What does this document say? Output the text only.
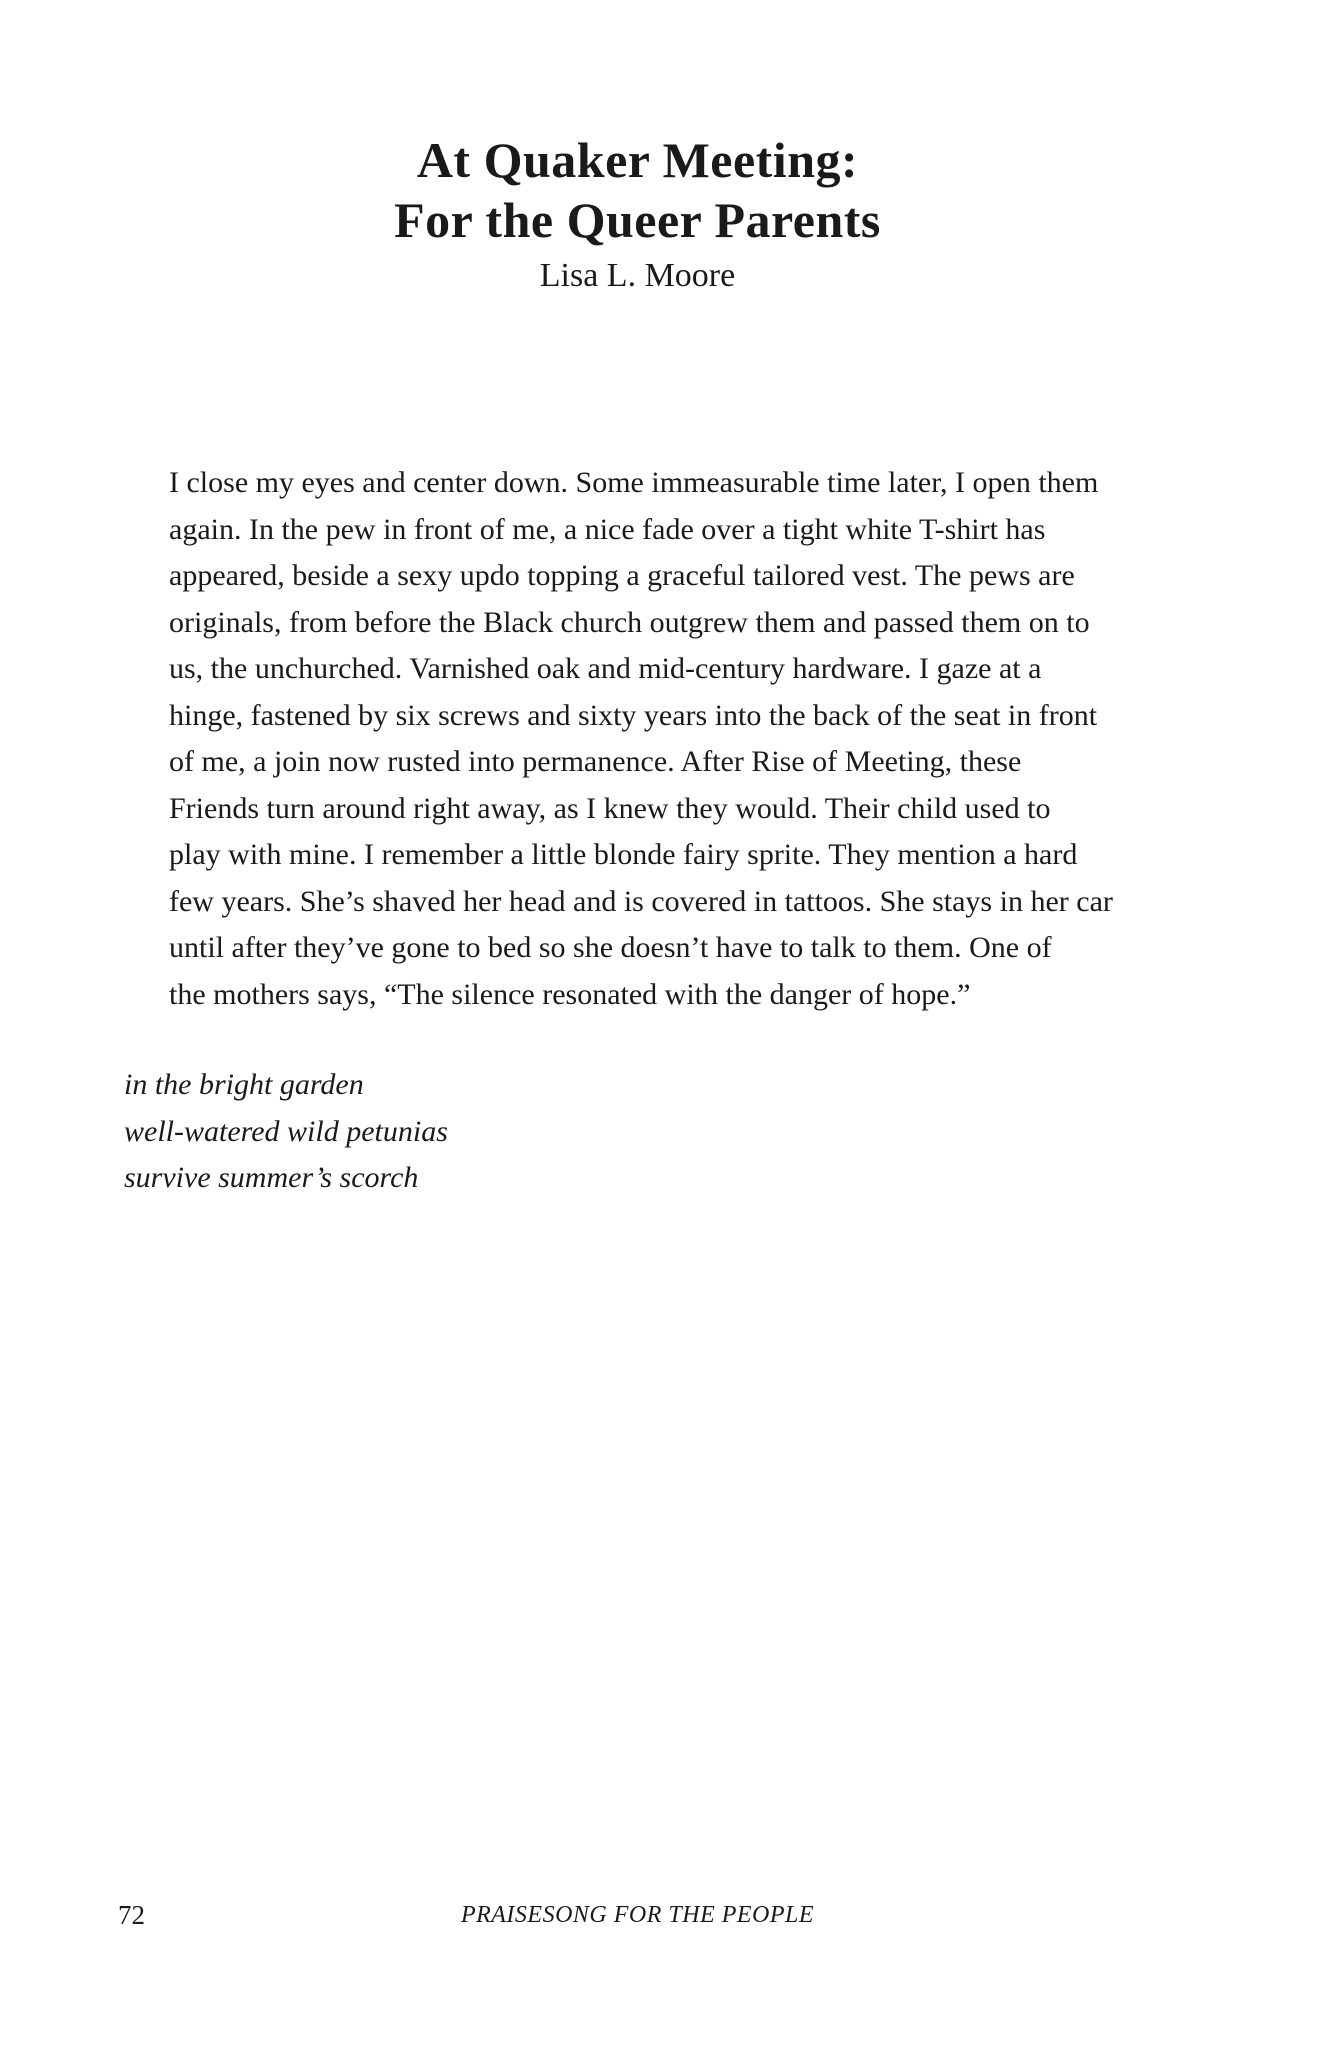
At Quaker Meeting:
For the Queer Parents
Lisa L. Moore
I close my eyes and center down. Some immeasurable time later, I open them
again. In the pew in front of me, a nice fade over a tight white T-shirt has
appeared, beside a sexy updo topping a graceful tailored vest. The pews are
originals, from before the Black church outgrew them and passed them on to
us, the unchurched. Varnished oak and mid-century hardware. I gaze at a
hinge, fastened by six screws and sixty years into the back of the seat in front
of me, a join now rusted into permanence. After Rise of Meeting, these
Friends turn around right away, as I knew they would. Their child used to
play with mine. I remember a little blonde fairy sprite. They mention a hard
few years. She’s shaved her head and is covered in tattoos. She stays in her car
until after they’ve gone to bed so she doesn’t have to talk to them. One of
the mothers says, “The silence resonated with the danger of hope.”
in the bright garden
well-watered wild petunias
survive summer’s scorch
72	PRAISESONG FOR THE PEOPLE
